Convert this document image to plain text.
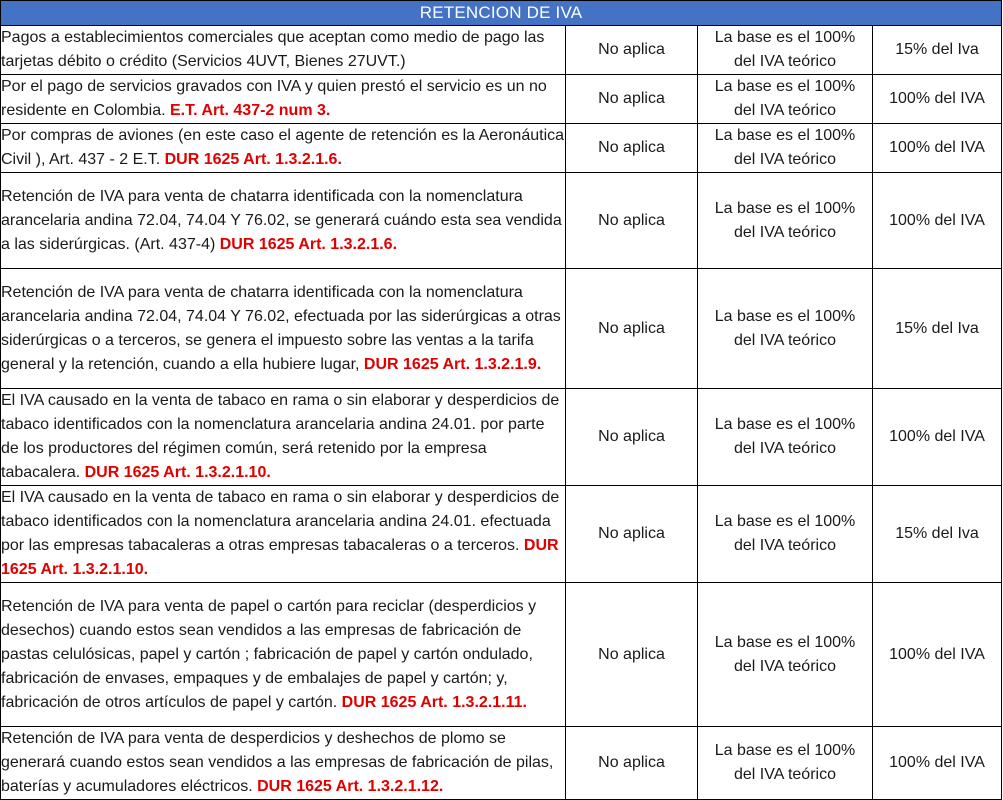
RETENCION DE IVA			
Pagos a establecimientos comerciales que aceptan como medio de pago las tarjetas débito o crédito (Servicios 4UVT, Bienes 27UVT.)	No aplica	La base es el 100%
del IVA teórico	15% del Iva
Por el pago de servicios gravados con IVA y quien prestó el servicio es un no residente en Colombia. E.T. Art. 437-2 num 3.	No aplica	La base es el 100%
del IVA teórico	100% del IVA
Por compras de aviones (en este caso el agente de retención es la Aeronáutica Civil ), Art. 437 - 2 E.T. DUR 1625 Art. 1.3.2.1.6.	No aplica	La base es el 100%
del IVA teórico	100% del IVA
Retención de IVA para venta de chatarra identificada con la nomenclatura arancelaria andina 72.04, 74.04 Y 76.02, se generará cuándo esta sea vendida a las siderúrgicas. (Art. 437-4) DUR 1625 Art. 1.3.2.1.6.	No aplica	La base es el 100%
del IVA teórico	100% del IVA
Retención de IVA para venta de chatarra identificada con la nomenclatura arancelaria andina 72.04, 74.04 Y 76.02, efectuada por las siderúrgicas a otras siderúrgicas o a terceros, se genera el impuesto sobre las ventas a la tarifa general y la retención, cuando a ella hubiere lugar, DUR 1625 Art. 1.3.2.1.9.	No aplica	La base es el 100%
del IVA teórico	15% del Iva
El IVA causado en la venta de tabaco en rama o sin elaborar y desperdicios de tabaco identificados con la nomenclatura arancelaria andina 24.01. por parte de los productores del régimen común, será retenido por la empresa tabacalera. DUR 1625 Art. 1.3.2.1.10.	No aplica	La base es el 100%
del IVA teórico	100% del IVA
El IVA causado en la venta de tabaco en rama o sin elaborar y desperdicios de tabaco identificados con la nomenclatura arancelaria andina 24.01. efectuada por las empresas tabacaleras a otras empresas tabacaleras o a terceros. DUR 1625 Art. 1.3.2.1.10.	No aplica	La base es el 100%
del IVA teórico	15% del Iva
Retención de IVA para venta de papel o cartón para reciclar (desperdicios y desechos) cuando estos sean vendidos a las empresas de fabricación de pastas celulósicas, papel y cartón ; fabricación de papel y cartón ondulado, fabricación de envases, empaques y de embalajes de papel y cartón; y, fabricación de otros artículos de papel y cartón. DUR 1625 Art. 1.3.2.1.11.	No aplica	La base es el 100%
del IVA teórico	100% del IVA
Retención de IVA para venta de desperdicios y deshechos de plomo se generará cuando estos sean vendidos a las empresas de fabricación de pilas, baterías y acumuladores eléctricos. DUR 1625 Art. 1.3.2.1.12.	No aplica	La base es el 100%
del IVA teórico	100% del IVA
